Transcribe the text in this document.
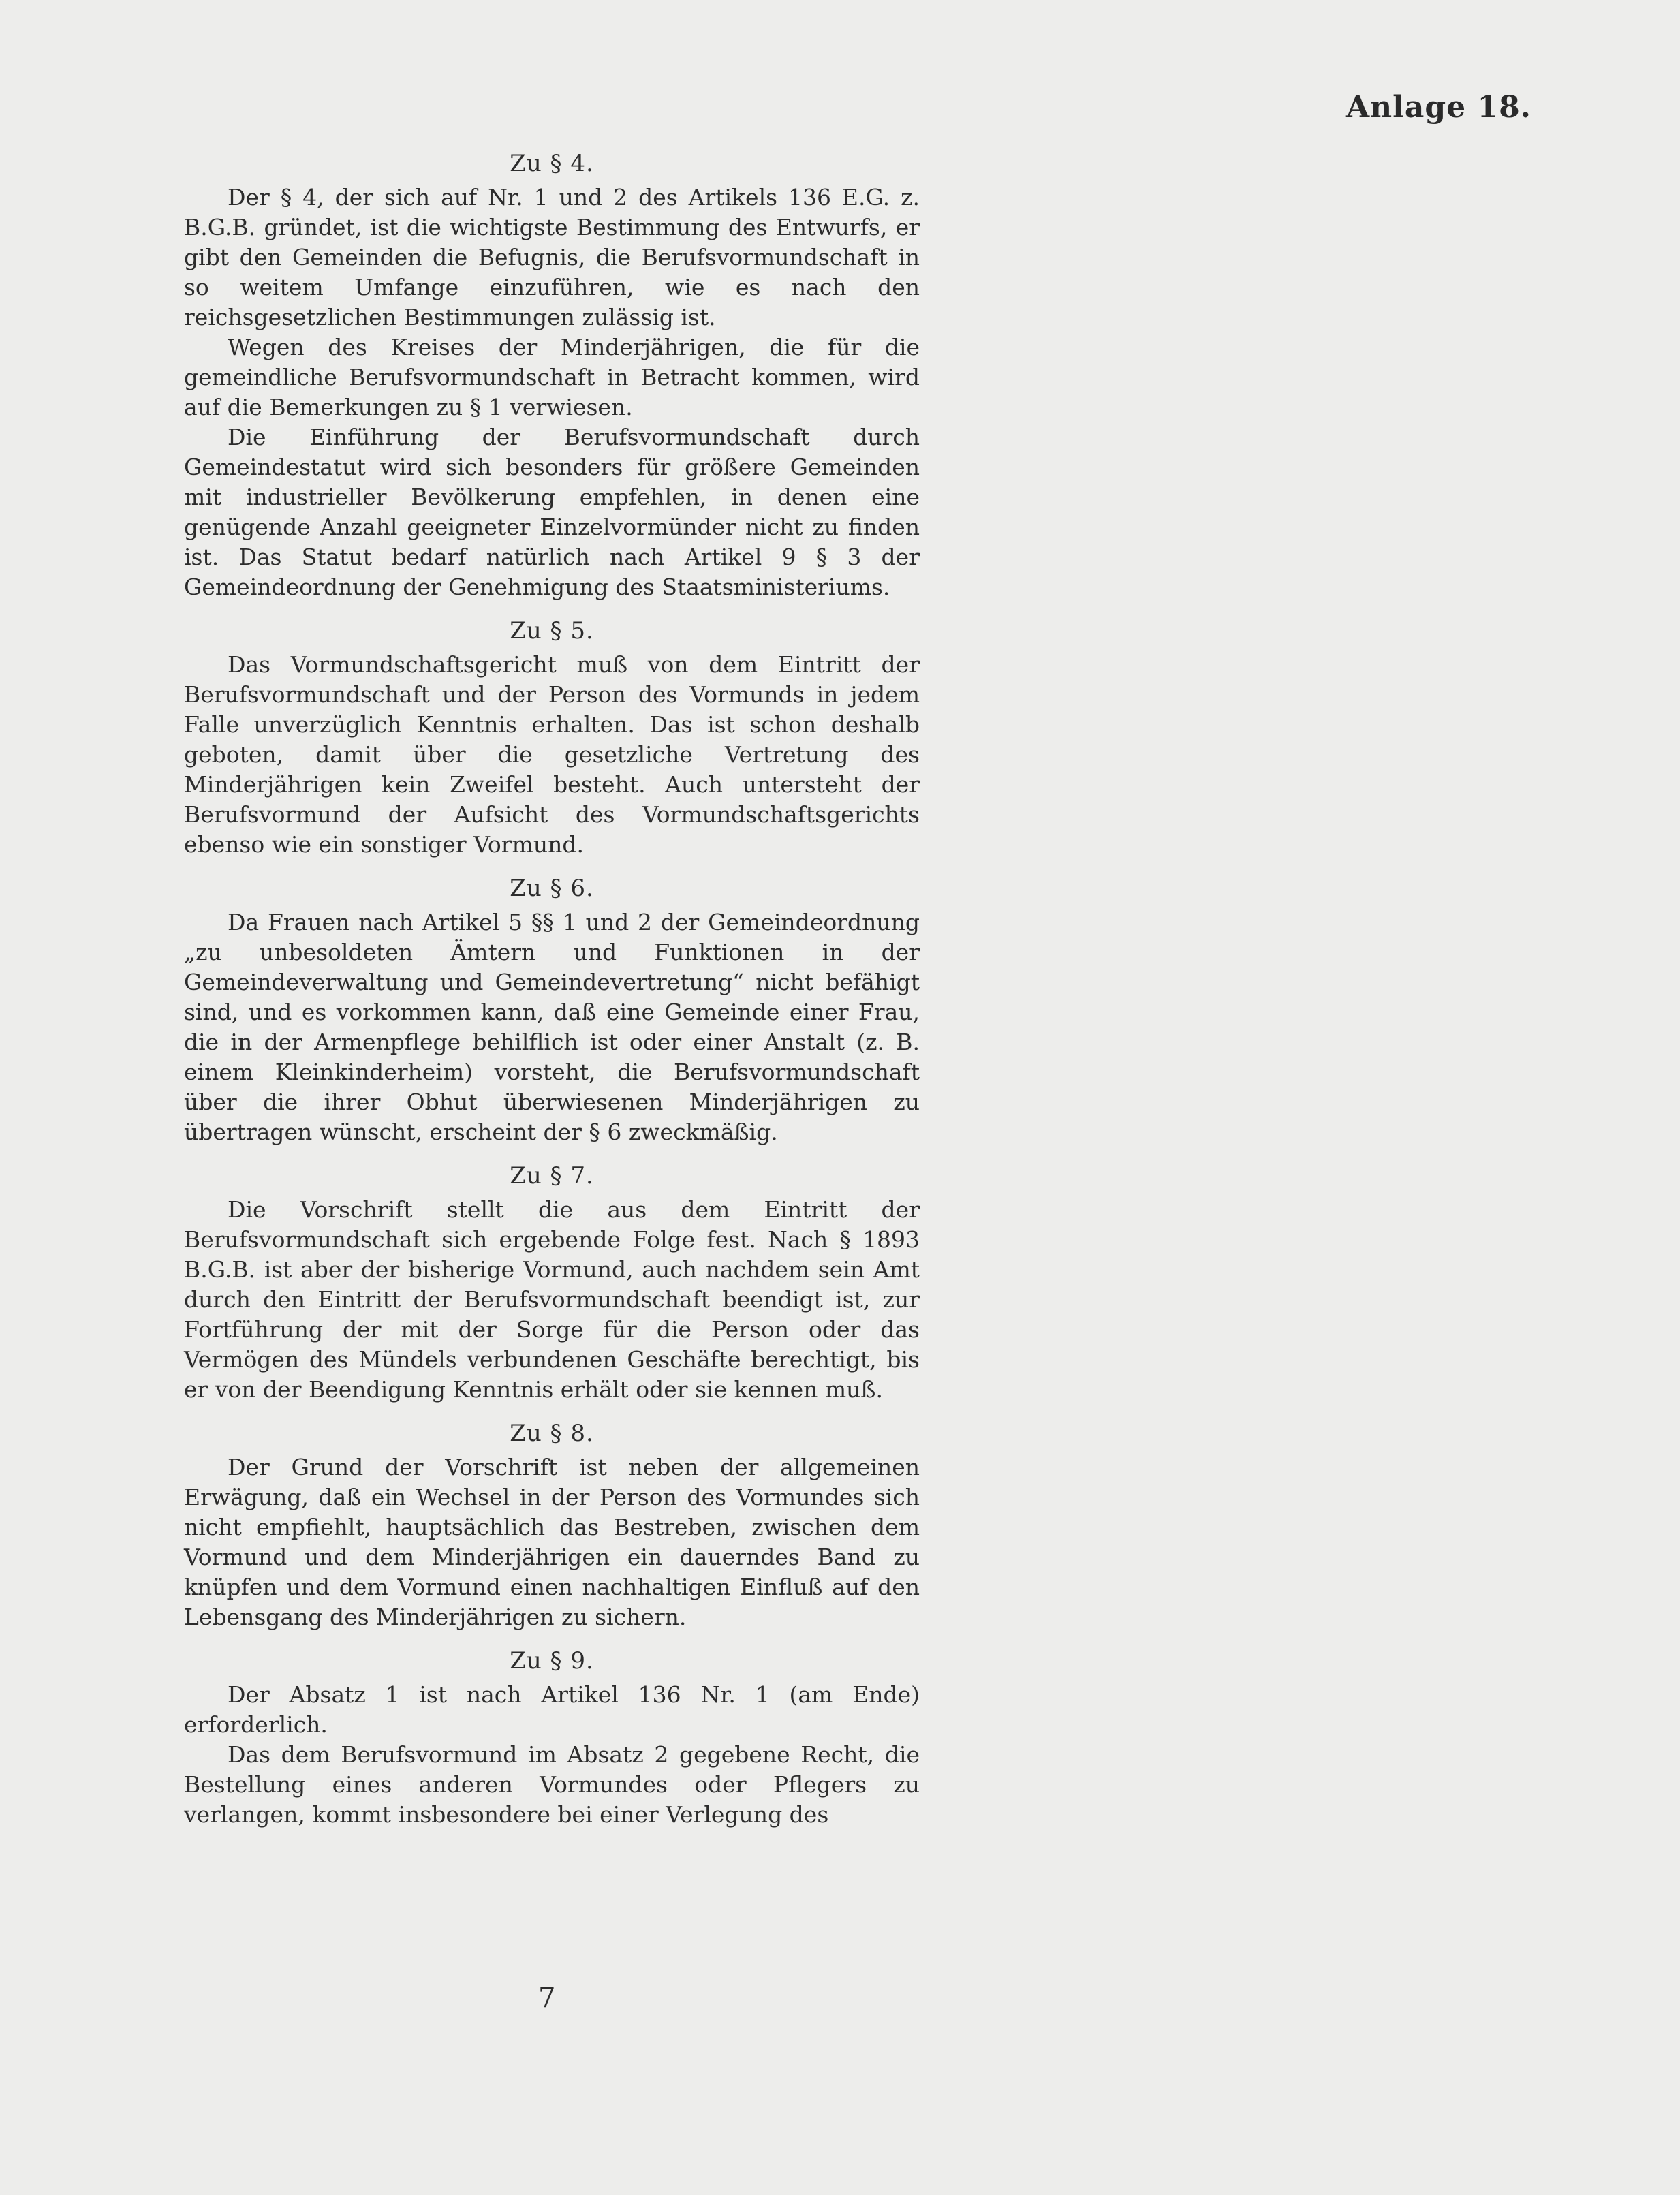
Anlage 18.
Zu § 4.

Der § 4, der sich auf Nr. 1 und 2 des Artikels 136 E.G. z. B.G.B. gründet, ist die wichtigste Bestimmung des Entwurfs, er gibt den Gemeinden die Befugnis, die Berufsvormundschaft in so weitem Umfange einzuführen, wie es nach den reichsgesetzlichen Bestimmungen zulässig ist.

Wegen des Kreises der Minderjährigen, die für die gemeindliche Berufsvormundschaft in Betracht kommen, wird auf die Bemerkungen zu § 1 verwiesen.

Die Einführung der Berufsvormundschaft durch Gemeindestatut wird sich besonders für größere Gemeinden mit industrieller Bevölkerung empfehlen, in denen eine genügende Anzahl geeigneter Einzelvormünder nicht zu finden ist. Das Statut bedarf natürlich nach Artikel 9 § 3 der Gemeindeordnung der Genehmigung des Staatsministeriums.

Zu § 5.

Das Vormundschaftsgericht muß von dem Eintritt der Berufsvormundschaft und der Person des Vormunds in jedem Falle unverzüglich Kenntnis erhalten. Das ist schon deshalb geboten, damit über die gesetzliche Vertretung des Minderjährigen kein Zweifel besteht. Auch untersteht der Berufsvormund der Aufsicht des Vormundschaftsgerichts ebenso wie ein sonstiger Vormund.

Zu § 6.

Da Frauen nach Artikel 5 §§ 1 und 2 der Gemeindeordnung „zu unbesoldeten Ämtern und Funktionen in der Gemeindeverwaltung und Gemeindevertretung“ nicht befähigt sind, und es vorkommen kann, daß eine Gemeinde einer Frau, die in der Armenpflege behilflich ist oder einer Anstalt (z. B. einem Kleinkinderheim) vorsteht, die Berufsvormundschaft über die ihrer Obhut überwiesenen Minderjährigen zu übertragen wünscht, erscheint der § 6 zweckmäßig.

Zu § 7.

Die Vorschrift stellt die aus dem Eintritt der Berufsvormundschaft sich ergebende Folge fest. Nach § 1893 B.G.B. ist aber der bisherige Vormund, auch nachdem sein Amt durch den Eintritt der Berufsvormundschaft beendigt ist, zur Fortführung der mit der Sorge für die Person oder das Vermögen des Mündels verbundenen Geschäfte berechtigt, bis er von der Beendigung Kenntnis erhält oder sie kennen muß.

Zu § 8.

Der Grund der Vorschrift ist neben der allgemeinen Erwägung, daß ein Wechsel in der Person des Vormundes sich nicht empfiehlt, hauptsächlich das Bestreben, zwischen dem Vormund und dem Minderjährigen ein dauerndes Band zu knüpfen und dem Vormund einen nachhaltigen Einfluß auf den Lebensgang des Minderjährigen zu sichern.

Zu § 9.

Der Absatz 1 ist nach Artikel 136 Nr. 1 (am Ende) erforderlich.

Das dem Berufsvormund im Absatz 2 gegebene Recht, die Bestellung eines anderen Vormundes oder Pflegers zu verlangen, kommt insbesondere bei einer Verlegung des

7
